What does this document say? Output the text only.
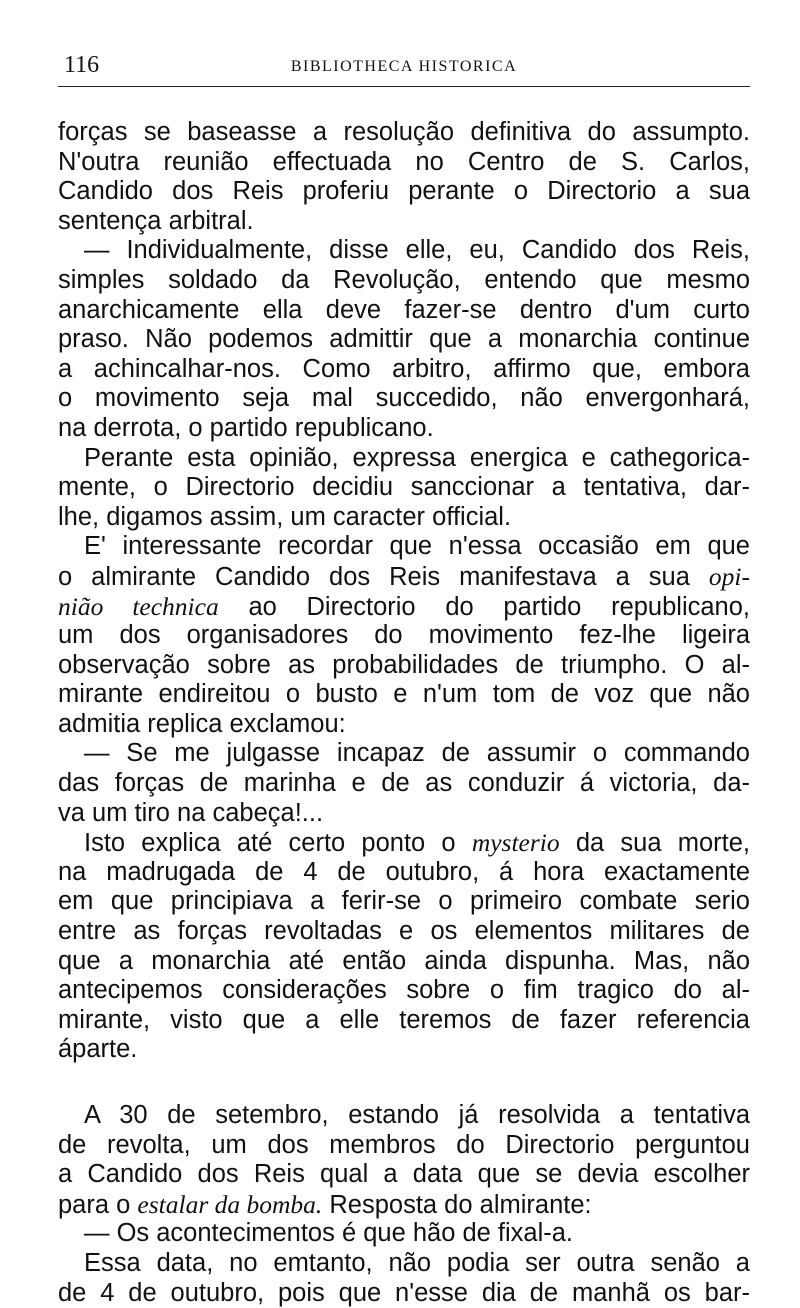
116	BIBLIOTHECA HISTORICA
forças se baseasse a resolução definitiva do assumpto.
N'outra reunião effectuada no Centro de S. Carlos,
Candido dos Reis proferiu perante o Directorio a sua
sentença arbitral.
— Individualmente, disse elle, eu, Candido dos Reis,
simples soldado da Revolução, entendo que mesmo
anarchicamente ella deve fazer-se dentro d'um curto
praso. Não podemos admittir que a monarchia continue
a achincalhar-nos. Como arbitro, affirmo que, embora
o movimento seja mal succedido, não envergonhará,
na derrota, o partido republicano.
Perante esta opinião, expressa energica e cathegorica-
mente, o Directorio decidiu sanccionar a tentativa, dar-
lhe, digamos assim, um caracter official.
E' interessante recordar que n'essa occasião em que
o almirante Candido dos Reis manifestava a sua opi-
nião technica ao Directorio do partido republicano,
um dos organisadores do movimento fez-lhe ligeira
observação sobre as probabilidades de triumpho. O al-
mirante endireitou o busto e n'um tom de voz que não
admitia replica exclamou:
— Se me julgasse incapaz de assumir o commando
das forças de marinha e de as conduzir á victoria, da-
va um tiro na cabeça!...
Isto explica até certo ponto o mysterio da sua morte,
na madrugada de 4 de outubro, á hora exactamente
em que principiava a ferir-se o primeiro combate serio
entre as forças revoltadas e os elementos militares de
que a monarchia até então ainda dispunha. Mas, não
antecipemos considerações sobre o fim tragico do al-
mirante, visto que a elle teremos de fazer referencia
áparte.
A 30 de setembro, estando já resolvida a tentativa
de revolta, um dos membros do Directorio perguntou
a Candido dos Reis qual a data que se devia escolher
para o estalar da bomba. Resposta do almirante:
— Os acontecimentos é que hão de fixal-a.
Essa data, no emtanto, não podia ser outra senão a
de 4 de outubro, pois que n'esse dia de manhã os bar-
